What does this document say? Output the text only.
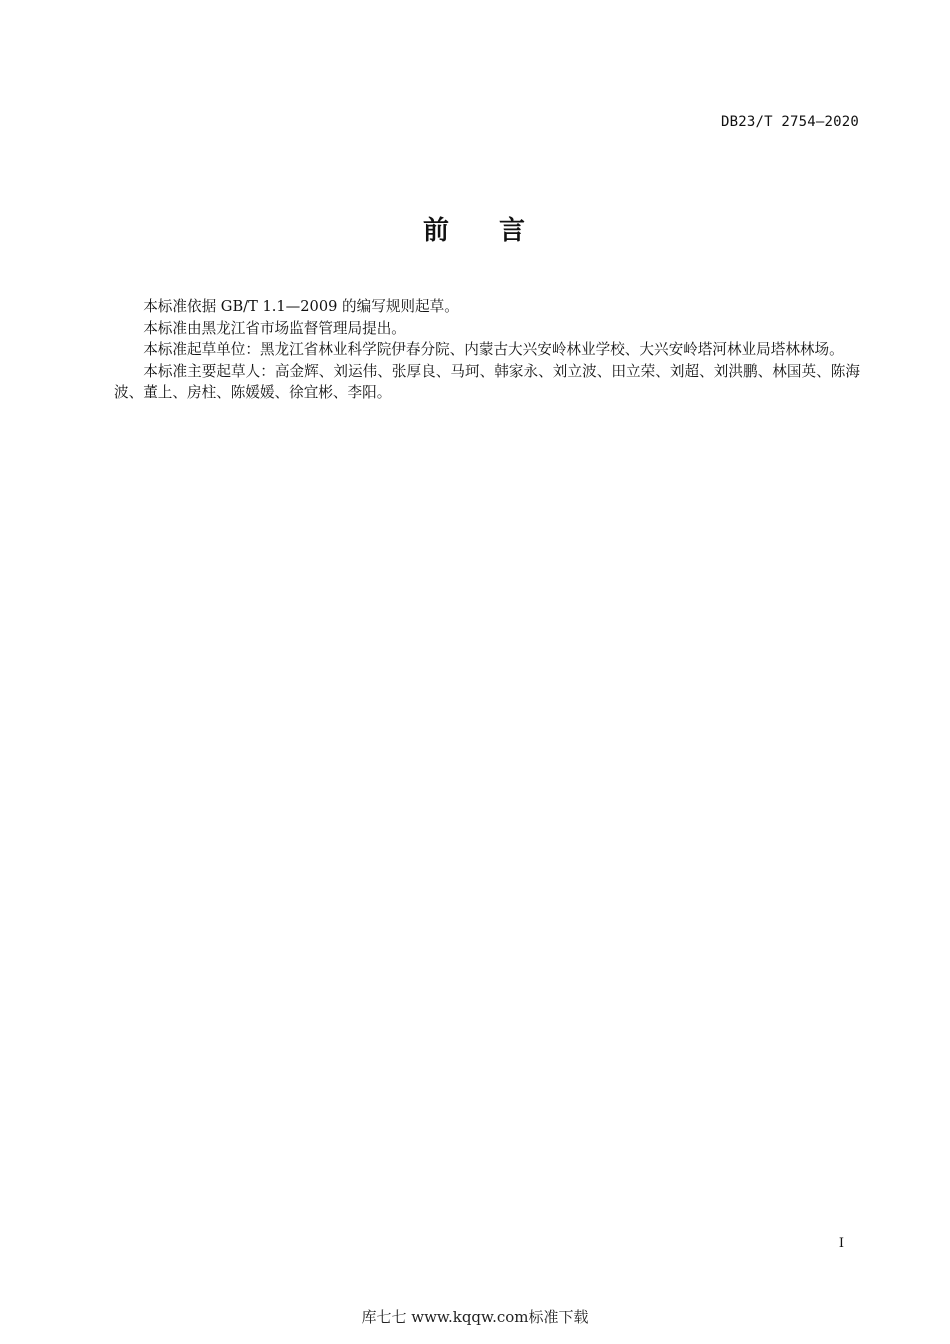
DB23/T 2754—2020
前 言

本标准依据 GB/T 1.1—2009 的编写规则起草。

本标准由黑龙江省市场监督管理局提出。

本标准起草单位：黑龙江省林业科学院伊春分院、内蒙古大兴安岭林业学校、大兴安岭塔河林业局塔林林场。

本标准主要起草人：高金辉、刘运伟、张厚良、马珂、韩家永、刘立波、田立荣、刘超、刘洪鹏、林国英、陈海波、董上、房柱、陈媛媛、徐宜彬、李阳。

I
库七七 www.kqqw.com标准下载
